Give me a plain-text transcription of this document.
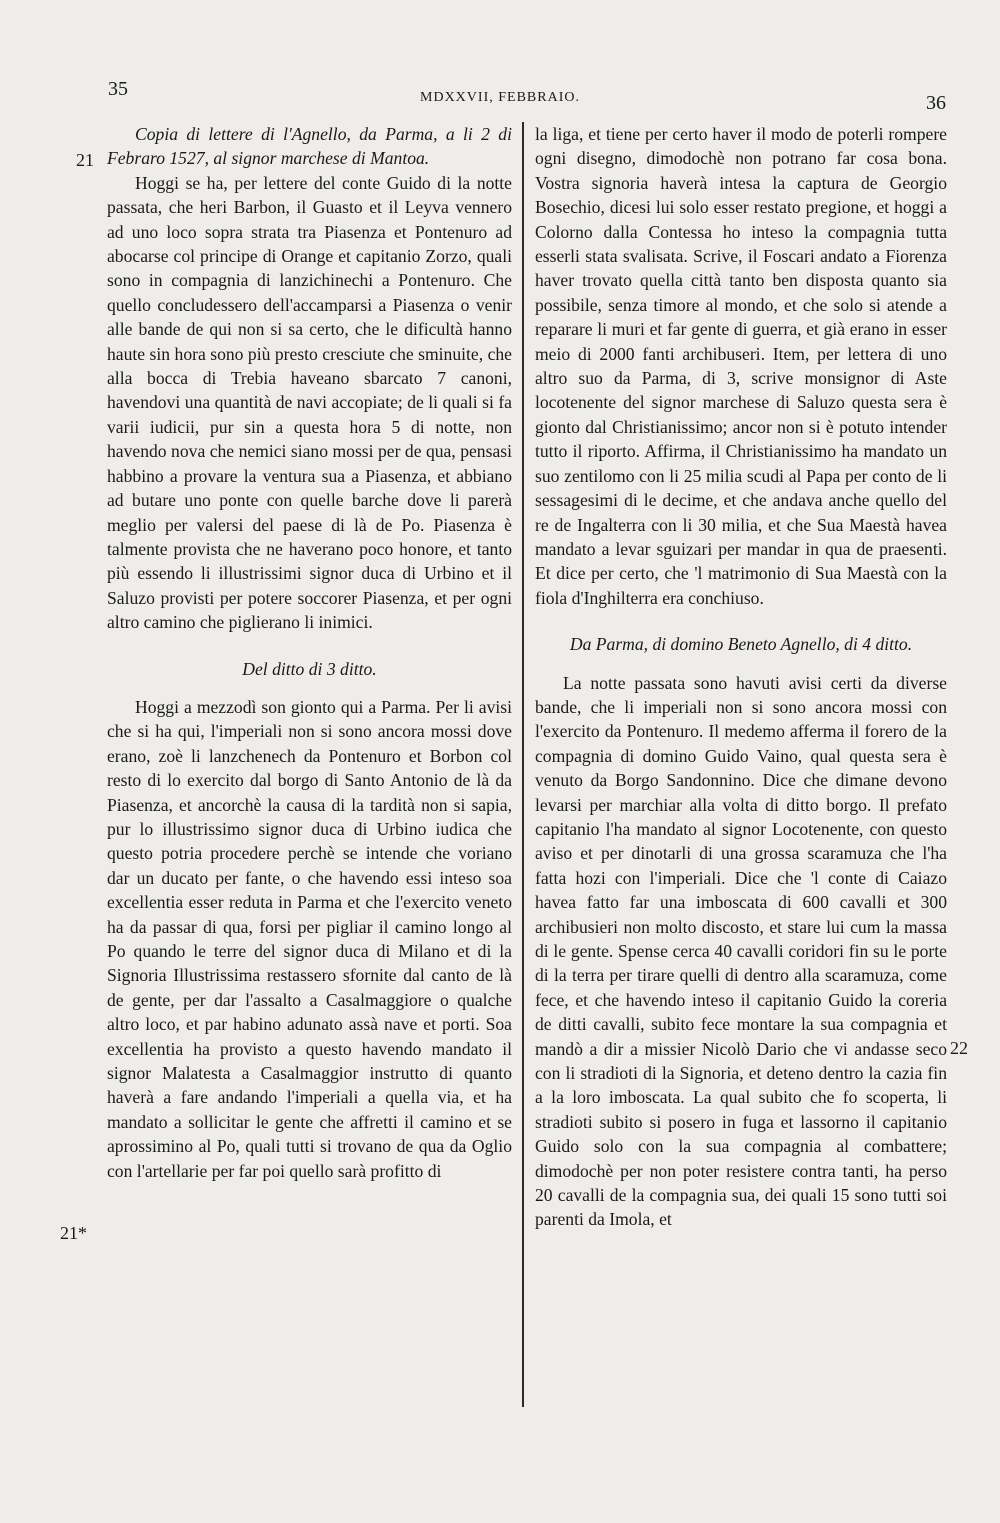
35	MDXXVII, FEBBRAIO.	36
21
21*
22

Copia di lettere di l'Agnello, da Parma, a li 2 di Febraro 1527, al signor marchese di Mantoa.

Hoggi se ha, per lettere del conte Guido di la notte passata, che heri Barbon, il Guasto et il Leyva vennero ad uno loco sopra strata tra Piasenza et Pontenuro ad abocarse col principe di Orange et capitanio Zorzo, quali sono in compagnia di lanzichinechi a Pontenuro. Che quello concludessero dell'accamparsi a Piasenza o venir alle bande de qui non si sa certo, che le dificultà hanno haute sin hora sono più presto cresciute che sminuite, che alla bocca di Trebia haveano sbarcato 7 canoni, havendovi una quantità de navi accopiate; de li quali si fa varii iudicii, pur sin a questa hora 5 di notte, non havendo nova che nemici siano mossi per de qua, pensasi habbino a provare la ventura sua a Piasenza, et abbiano ad butare uno ponte con quelle barche dove li parerà meglio per valersi del paese di là de Po. Piasenza è talmente provista che ne haverano poco honore, et tanto più essendo li illustrissimi signor duca di Urbino et il Saluzo provisti per potere soccorer Piasenza, et per ogni altro camino che piglierano li inimici.

Del ditto di 3 ditto.

Hoggi a mezzodì son gionto qui a Parma. Per li avisi che si ha qui, l'imperiali non si sono ancora mossi dove erano, zoè li lanzchenech da Pontenuro et Borbon col resto di lo exercito dal borgo di Santo Antonio de là da Piasenza, et ancorchè la causa di la tardità non si sapia, pur lo illustrissimo signor duca di Urbino iudica che questo potria procedere perchè se intende che voriano dar un ducato per fante, o che havendo essi inteso soa excellentia esser reduta in Parma et che l'exercito veneto ha da passar di qua, forsi per pigliar il camino longo al Po quando le terre del signor duca di Milano et di la Signoria Illustrissima restassero sfornite dal canto de là de gente, per dar l'assalto a Casalmaggiore o qualche altro loco, et par habino adunato assà nave et porti. Soa excellentia ha provisto a questo havendo mandato il signor Malatesta a Casalmaggior instrutto di quanto haverà a fare andando l'imperiali a quella via, et ha mandato a sollicitar le gente che affretti il camino et se aprossimino al Po, quali tutti si trovano de qua da Oglio con l'artellarie per far poi quello sarà profitto di

la liga, et tiene per certo haver il modo de poterli rompere ogni disegno, dimodochè non potrano far cosa bona. Vostra signoria haverà intesa la captura de Georgio Bosechio, dicesi lui solo esser restato pregione, et hoggi a Colorno dalla Contessa ho inteso la compagnia tutta esserli stata svalisata. Scrive, il Foscari andato a Fiorenza haver trovato quella città tanto ben disposta quanto sia possibile, senza timore al mondo, et che solo si atende a reparare li muri et far gente di guerra, et già erano in esser meio di 2000 fanti archibuseri. Item, per lettera di uno altro suo da Parma, di 3, scrive monsignor di Aste locotenente del signor marchese di Saluzo questa sera è gionto dal Christianissimo; ancor non si è potuto intender tutto il riporto. Affirma, il Christianissimo ha mandato un suo zentilomo con li 25 milia scudi al Papa per conto de li sessagesimi di le decime, et che andava anche quello del re de Ingalterra con li 30 milia, et che Sua Maestà havea mandato a levar sguizari per mandar in qua de praesenti. Et dice per certo, che 'l matrimonio di Sua Maestà con la fiola d'Inghilterra era conchiuso.

Da Parma, di domino Beneto Agnello, di 4 ditto.

La notte passata sono havuti avisi certi da diverse bande, che li imperiali non si sono ancora mossi con l'exercito da Pontenuro. Il medemo afferma il forero de la compagnia di domino Guido Vaino, qual questa sera è venuto da Borgo Sandonnino. Dice che dimane devono levarsi per marchiar alla volta di ditto borgo. Il prefato capitanio l'ha mandato al signor Locotenente, con questo aviso et per dinotarli di una grossa scaramuza che l'ha fatta hozi con l'imperiali. Dice che 'l conte di Caiazo havea fatto far una imboscata di 600 cavalli et 300 archibusieri non molto discosto, et stare lui cum la massa di le gente. Spense cerca 40 cavalli coridori fin su le porte di la terra per tirare quelli di dentro alla scaramuza, come fece, et che havendo inteso il capitanio Guido la coreria de ditti cavalli, subito fece montare la sua compagnia et mandò a dir a missier Nicolò Dario che vi andasse seco con li stradioti di la Signoria, et deteno dentro la cazia fin a la loro imboscata. La qual subito che fo scoperta, li stradioti subito si posero in fuga et lassorno il capitanio Guido solo con la sua compagnia al combattere; dimodochè per non poter resistere contra tanti, ha perso 20 cavalli de la compagnia sua, dei quali 15 sono tutti soi parenti da Imola, et
